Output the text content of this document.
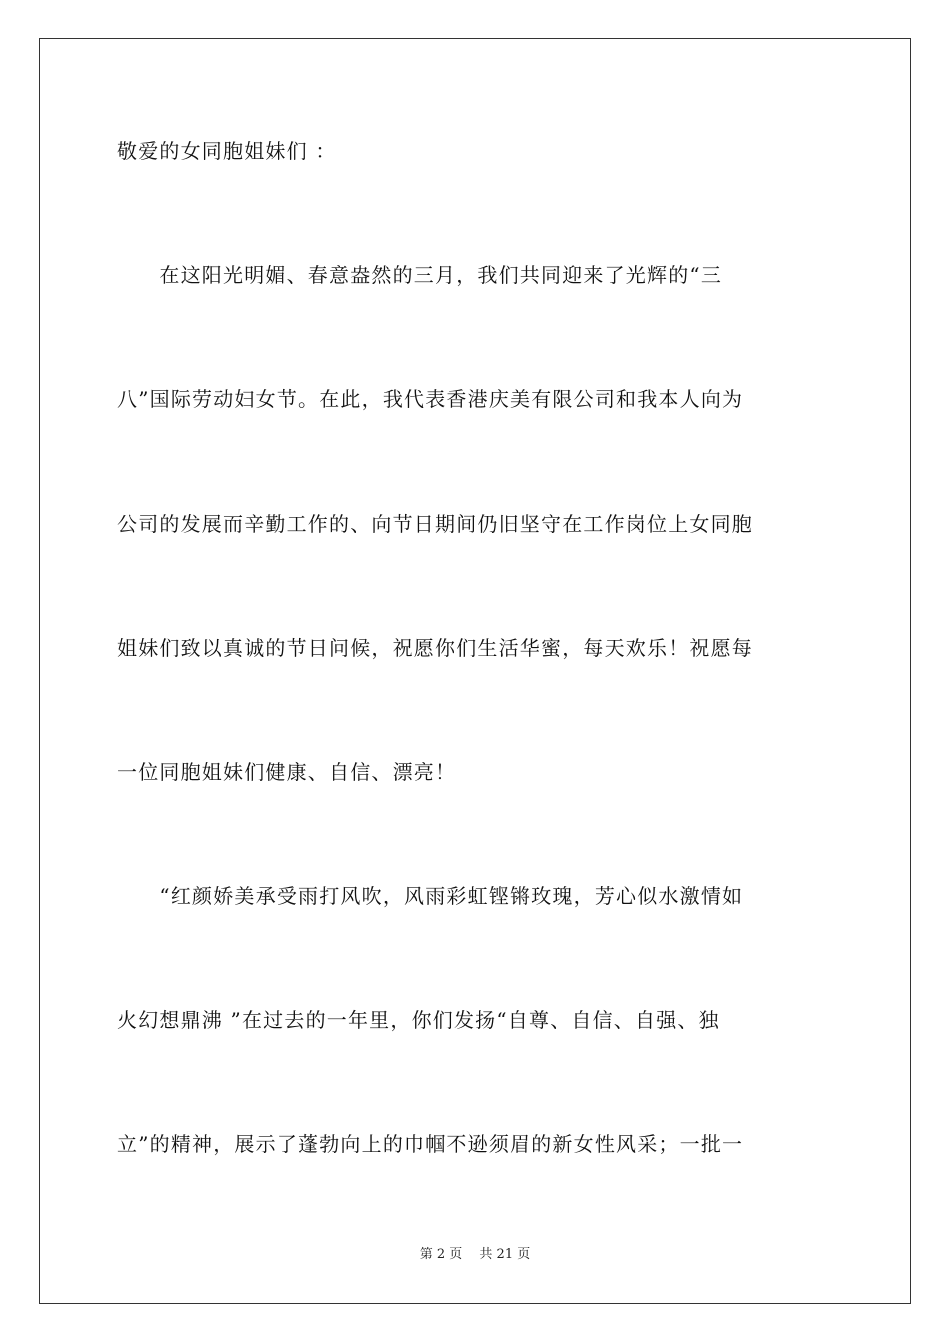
敬爱的女同胞姐妹们 ：
　　在这阳光明媚、春意盎然的三月，我们共同迎来了光辉的“三
八”国际劳动妇女节。在此，我代表香港庆美有限公司和我本人向为
公司的发展而辛勤工作的、向节日期间仍旧坚守在工作岗位上女同胞
姐妹们致以真诚的节日问候，祝愿你们生活华蜜，每天欢乐！祝愿每
一位同胞姐妹们健康、自信、漂亮！
　　“红颜娇美承受雨打风吹，风雨彩虹铿锵玫瑰，芳心似水激情如
火幻想鼎沸 ”在过去的一年里，你们发扬“自尊、自信、自强、独
立”的精神，展示了蓬勃向上的巾帼不逊须眉的新女性风采；一批一
第 2 页　 共 21 页
